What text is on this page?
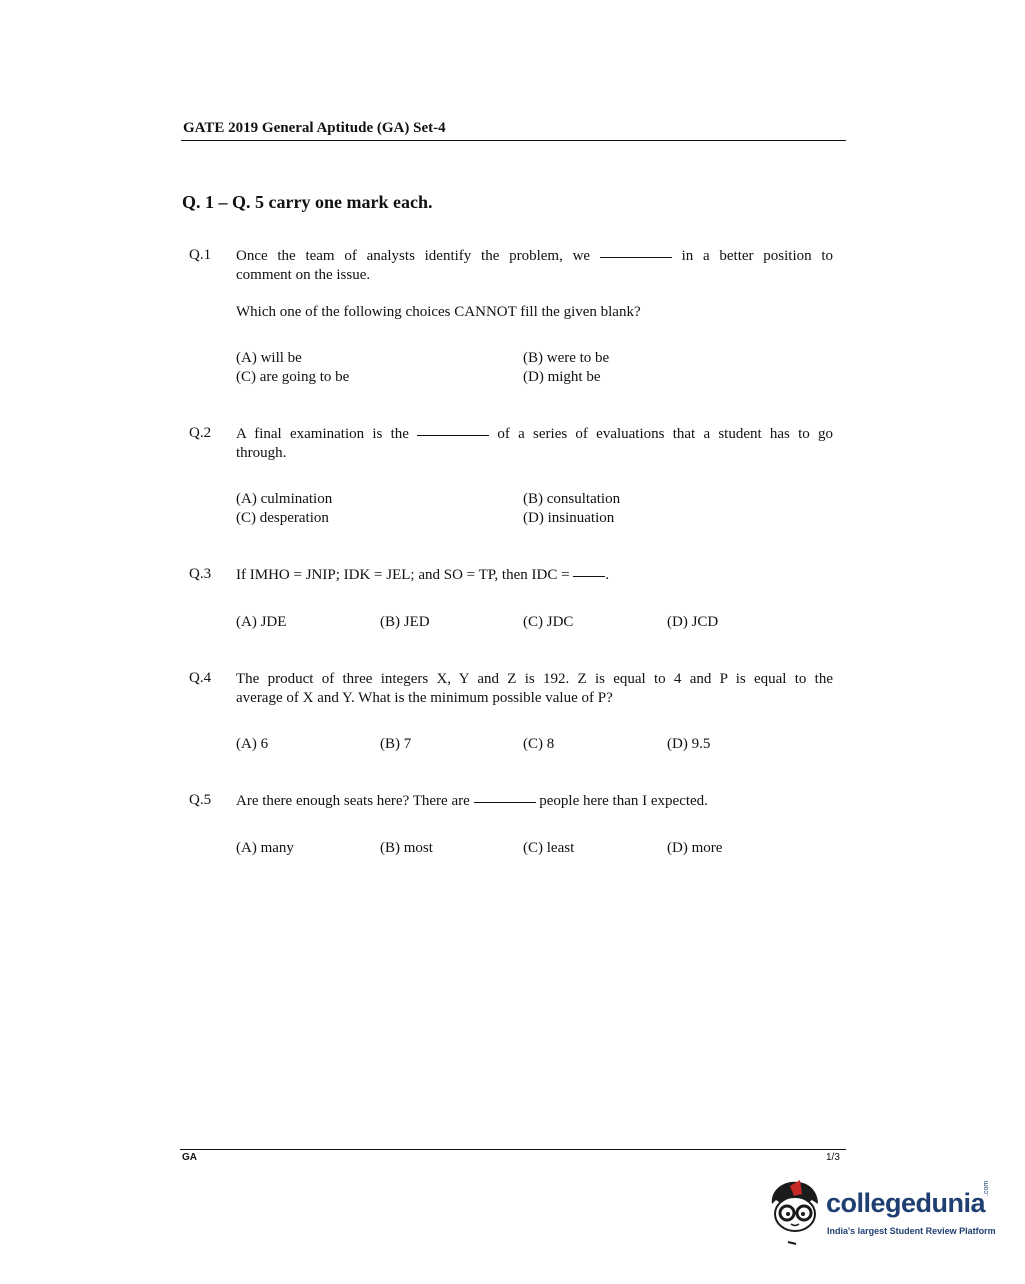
GATE 2019 General Aptitude (GA) Set-4
Q. 1 – Q. 5 carry one mark each.
Q.1 Once the team of analysts identify the problem, we	in a better position to
comment on the issue.
Which one of the following choices CANNOT fill the given blank?
(A) will be	(B) were to be
(C) are going to be	(D) might be
Q.2 A final examination is the	of a series of evaluations that a student has to go
through.
(A) culmination	(B) consultation
(C) desperation	(D) insinuation
Q.3 If IMHO = JNIP; IDK = JEL; and SO = TP, then IDC = .
(A) JDE	(B) JED	(C) JDC	(D) JCD
Q.4 The product of three integers X, Y and Z is 192. Z is equal to 4 and P is equal to the
average of X and Y. What is the minimum possible value of P?
(A) 6	(B) 7	(C) 8	(D) 9.5
Q.5 Are there enough seats here? There are	people here than I expected.
(A) many	(B) most	(C) least	(D) more
GA	1/3
collegedunia
.com
India's largest Student Review Platform
